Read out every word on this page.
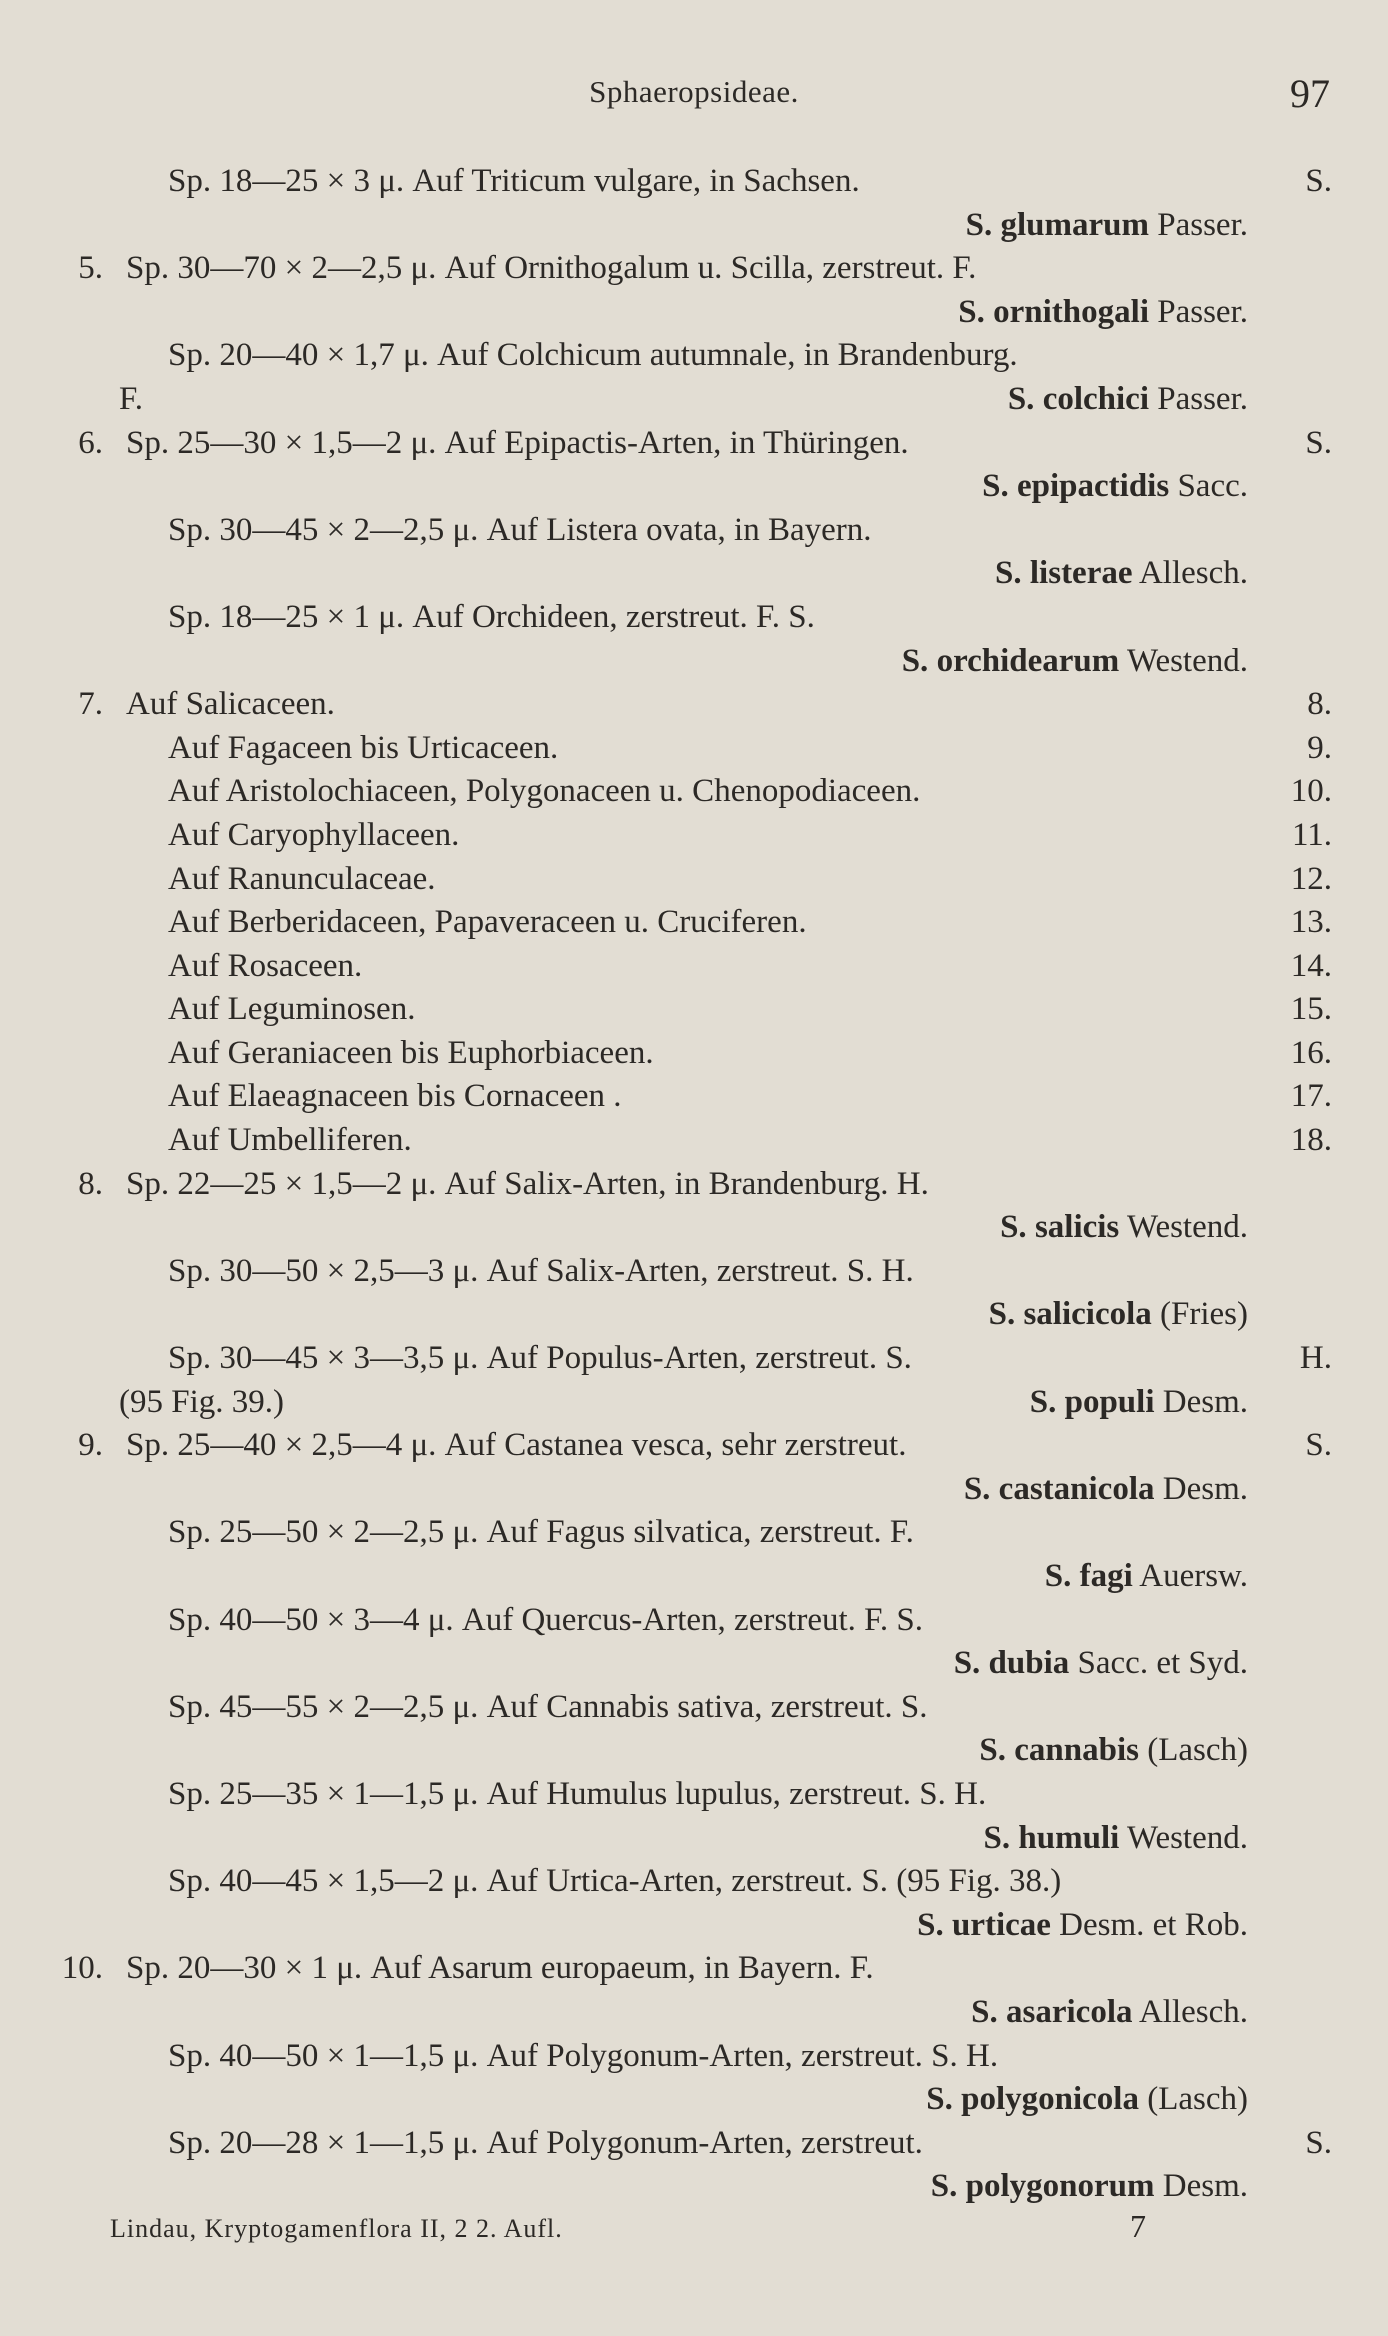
Sphaeropsideae.	97
Sp. 18—25 × 3 μ. Auf Triticum vulgare, in Sachsen.	S.
S. glumarum Passer.
5. Sp. 30—70 × 2—2,5 μ. Auf Ornithogalum u. Scilla, zerstreut. F.
S. ornithogali Passer.
Sp. 20—40 × 1,7 μ. Auf Colchicum autumnale, in Brandenburg.
F.	S. colchici Passer.
6. Sp. 25—30 × 1,5—2 μ. Auf Epipactis-Arten, in Thüringen.	S.
S. epipactidis Sacc.
Sp. 30—45 × 2—2,5 μ. Auf Listera ovata, in Bayern.
S. listerae Allesch.
Sp. 18—25 × 1 μ. Auf Orchideen, zerstreut. F. S.
S. orchidearum Westend.
7. Auf Salicaceen.	8.
Auf Fagaceen bis Urticaceen.	9.
Auf Aristolochiaceen, Polygonaceen u. Chenopodiaceen.	10.
Auf Caryophyllaceen.	11.
Auf Ranunculaceae.	12.
Auf Berberidaceen, Papaveraceen u. Cruciferen.	13.
Auf Rosaceen.	14.
Auf Leguminosen.	15.
Auf Geraniaceen bis Euphorbiaceen.	16.
Auf Elaeagnaceen bis Cornaceen .	17.
Auf Umbelliferen.	18.
8. Sp. 22—25 × 1,5—2 μ. Auf Salix-Arten, in Brandenburg. H.
S. salicis Westend.
Sp. 30—50 × 2,5—3 μ. Auf Salix-Arten, zerstreut. S. H.
S. salicicola (Fries)
Sp. 30—45 × 3—3,5 μ. Auf Populus-Arten, zerstreut. S.	H.
(95 Fig. 39.)	S. populi Desm.
9. Sp. 25—40 × 2,5—4 μ. Auf Castanea vesca, sehr zerstreut.	S.
S. castanicola Desm.
Sp. 25—50 × 2—2,5 μ. Auf Fagus silvatica, zerstreut. F.
S. fagi Auersw.
Sp. 40—50 × 3—4 μ. Auf Quercus-Arten, zerstreut. F. S.
S. dubia Sacc. et Syd.
Sp. 45—55 × 2—2,5 μ. Auf Cannabis sativa, zerstreut. S.
S. cannabis (Lasch)
Sp. 25—35 × 1—1,5 μ. Auf Humulus lupulus, zerstreut. S. H.
S. humuli Westend.
Sp. 40—45 × 1,5—2 μ. Auf Urtica-Arten, zerstreut. S. (95 Fig. 38.)
S. urticae Desm. et Rob.
10. Sp. 20—30 × 1 μ. Auf Asarum europaeum, in Bayern. F.
S. asaricola Allesch.
Sp. 40—50 × 1—1,5 μ. Auf Polygonum-Arten, zerstreut. S. H.
S. polygonicola (Lasch)
Sp. 20—28 × 1—1,5 μ. Auf Polygonum-Arten, zerstreut.	S.
S. polygonorum Desm.
Lindau, Kryptogamenflora II, 2 2. Aufl.	7
